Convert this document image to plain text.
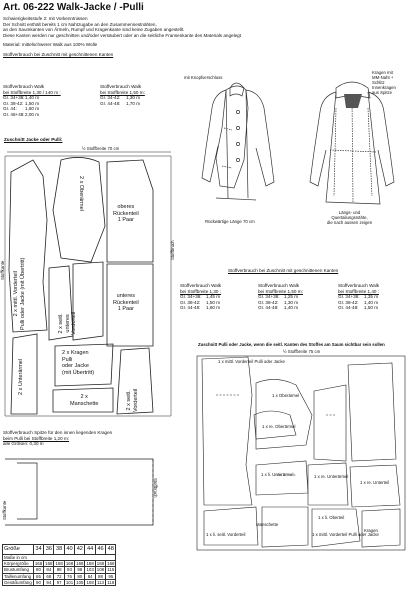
Art. 06-222 Walk-Jacke / -Pulli
Schwierigkeitsstufe 2: mit Vorkenntnissen
Der Schnitt enthält bereits 1 cm Nahtzugabe an den Zusammennestnähten,
an den Saumkanten von Ärmeln, Rumpf und Kragenkante sind keine Zugaben angestellt.
Diese Kanten werden nur geschnitten und/oder versäubert oder an die seitliche Fransenkante des Materials angelegt
Material: mittelschwerer Walk aus 100% Wolle
Stoffverbrauch bei Zuschnitt mit geschnittenen Kanten
Stoffverbrauch Walk
bei Stoffbreite 1,30 / 140 m :
Gr. 34+36: 1,40 m
Gr. 38-42: 1,50 m
Gr. 44:	1,60 m
Gr. 46+48: 2,00 m
Stoffverbrauch Walk
bei Stoffbreite 1,50 m:
Gr. 34-42:	1,30 m
Gr. 44-48:	1,70 m
mit Knopfverschluss
Kragen mit
MM-Naht +
Schlitz
Innenkragen
aus Spitze
Rückwärtige Länge 70 cm
Längs- und
Quertailungsnähte,
die nach aussen zeigen
Zuschnitt Jacke oder Pulli:
½ Stoffbreite 70 cm
2 x mittl. Vorderteil Pulli oder Jacke (mit Übertritt)
2 x Oberärmel	oberes
Rückenteil
1 Paar
2 x seitl. unteres Vorderteil
unteres
Rückenteil
1 Paar
2 x Unterärmel
2 x Kragen
Pulli
oder Jacke
(mit Übertritt)
2 x
Manschette	2 x seitl. Vorderteil
Stoffkante
Stoffbruch
Stoffverbrauch bei Zuschnitt mit geschnittenen Kanten
Stoffverbrauch Walk
bei Stoffbreite 1,30 :
Gr. 34+36: 1,45 m
Gr. 38-42:	1,50 m
Gr. 44-48:	1,60 m
Stoffverbrauch Walk
bei Stoffbreite 1,50 m:
Gr. 34+36: 1,25 m
Gr. 38-42:	1,30 m
Gr. 44-48:	1,40 m
Stoffverbrauch Walk
bei Stoffbreite 1,40 :
Gr. 34+36: 1,35 m
Gr. 38-42:	1,40 m
Gr. 44-48:	1,50 m
Zuschnitt Pulli oder Jacke, wenn die seitl. Kanten des Stoffes am Saum sichtbar sein sollen
½ Stoffbreite 75 cm
1 x mittl. Vorderteil Pulli oder Jacke
1 x Oberärmel
1 x re. Oberärmel
1 x li. Unterärmel	1 x re. Unterärmel
Manschette
1 x re. Unterteil
1 x li. seitl. Vorderteil
1 x li. Oberteil
1 x mittl. Vorderteil Pulli oder Jacke
Kragen
Stoffverbrauch Spitze für den innen liegenden Kragen
beim Pulli bei Stoffbreite 1,20 m:
alle Größen: 0,30 m
Stoffkante
Stoffbruch
Größe	34	36	38	40	42	44	46	48
Maße in cm								
Körpergröße	168	168	168	168	168	168	168	168
Brustumfang	80	84	88	93	98	103	108	115
Taillenumfang	65	68	72	76	80	84	88	95
Gesäßumfang	90	94	97	101	105	108	113	118
